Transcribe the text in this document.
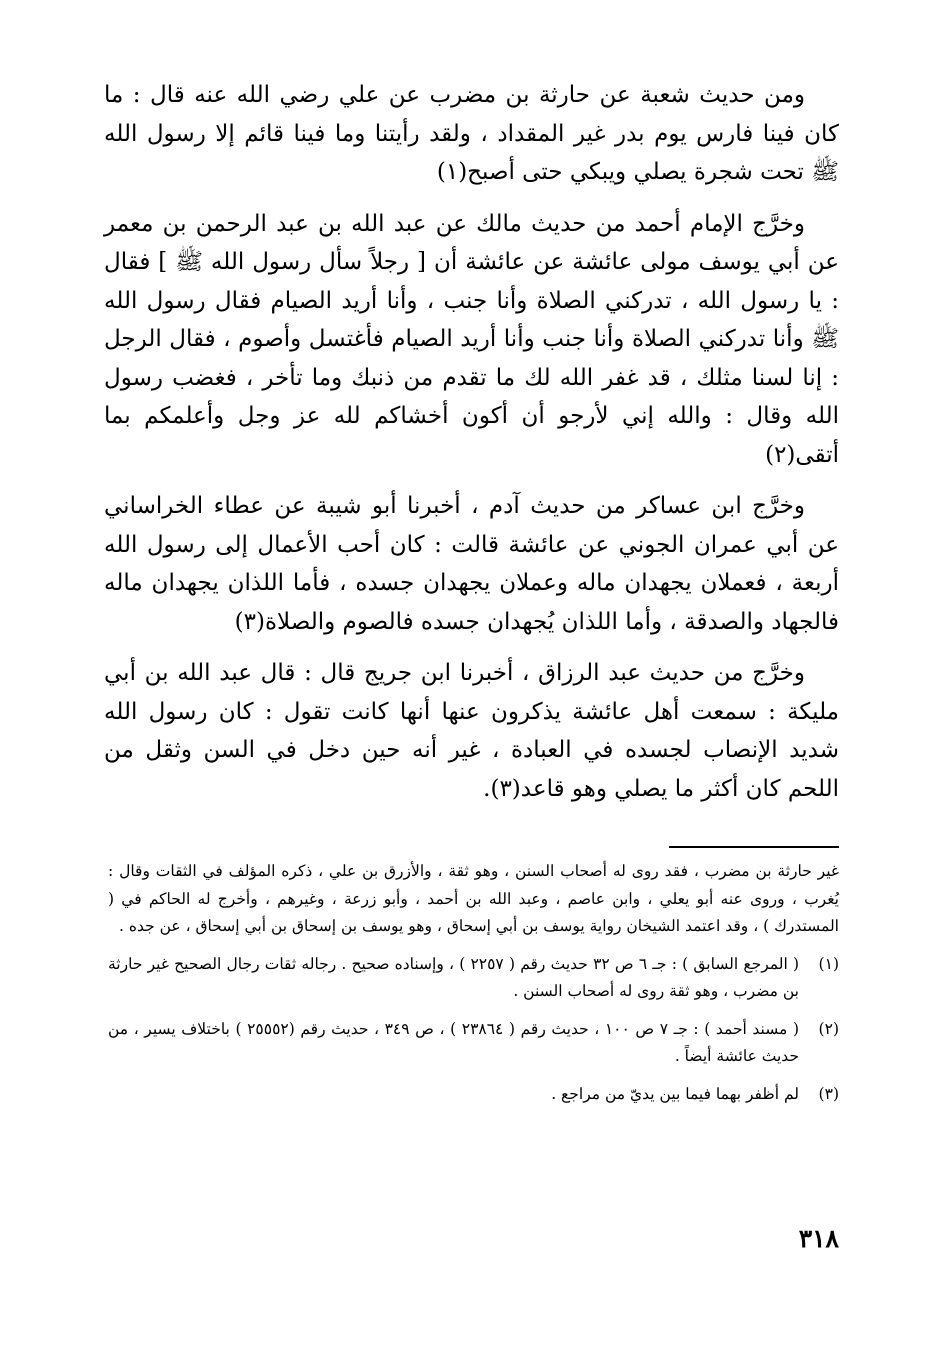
ومن حديث شعبة عن حارثة بن مضرب عن علي رضي الله عنه قال : ما كان فينا فارس يوم بدر غير المقداد ، ولقد رأيتنا وما فينا قائم إلا رسول الله ﷺ تحت شجرة يصلي ويبكي حتى أصبح(١)

وخرَّج الإمام أحمد من حديث مالك عن عبد الله بن عبد الرحمن بن معمر عن أبي يوسف مولى عائشة عن عائشة أن [ رجلاً سأل رسول الله ﷺ ] فقال : يا رسول الله ، تدركني الصلاة وأنا جنب ، وأنا أريد الصيام فقال رسول الله ﷺ وأنا تدركني الصلاة وأنا جنب وأنا أريد الصيام فأغتسل وأصوم ، فقال الرجل : إنا لسنا مثلك ، قد غفر الله لك ما تقدم من ذنبك وما تأخر ، فغضب رسول الله وقال : والله إني لأرجو أن أكون أخشاكم لله عز وجل وأعلمكم بما أتقى(٢)

وخرَّج ابن عساكر من حديث آدم ، أخبرنا أبو شيبة عن عطاء الخراساني عن أبي عمران الجوني عن عائشة قالت : كان أحب الأعمال إلى رسول الله أربعة ، فعملان يجهدان ماله وعملان يجهدان جسده ، فأما اللذان يجهدان ماله فالجهاد والصدقة ، وأما اللذان يُجهدان جسده فالصوم والصلاة(٣)

وخرَّج من حديث عبد الرزاق ، أخبرنا ابن جريج قال : قال عبد الله بن أبي مليكة : سمعت أهل عائشة يذكرون عنها أنها كانت تقول : كان رسول الله شديد الإنصاب لجسده في العبادة ، غير أنه حين دخل في السن وثقل من اللحم كان أكثر ما يصلي وهو قاعد(٣).

غير حارثة بن مضرب ، فقد روى له أصحاب السنن ، وهو ثقة ، والأزرق بن علي ، ذكره المؤلف في الثقات وقال : يُغرب ، وروى عنه أبو يعلي ، وابن عاصم ، وعبد الله بن أحمد ، وأبو زرعة ، وغيرهم ، وأخرج له الحاكم في ( المستدرك ) ، وقد اعتمد الشيخان رواية يوسف بن أبي إسحاق ، وهو يوسف بن إسحاق بن أبي إسحاق ، عن جده .

(١)
( المرجع السابق ) : جـ ٦ ص ٣٢ حديث رقم ( ٢٢٥٧ ) ، وإسناده صحيح . رجاله ثقات رجال الصحيح غير حارثة بن مضرب ، وهو ثقة روى له أصحاب السنن .
(٢)
( مسند أحمد ) : جـ ٧ ص ١٠٠ ، حديث رقم ( ٢٣٨٦٤ ) ، ص ٣٤٩ ، حديث رقم (٢٥٥٥٢ ) باختلاف يسير ، من حديث عائشة أيضاً .
(٣)
لم أظفر بهما فيما بين يديّ من مراجع .
٣١٨
